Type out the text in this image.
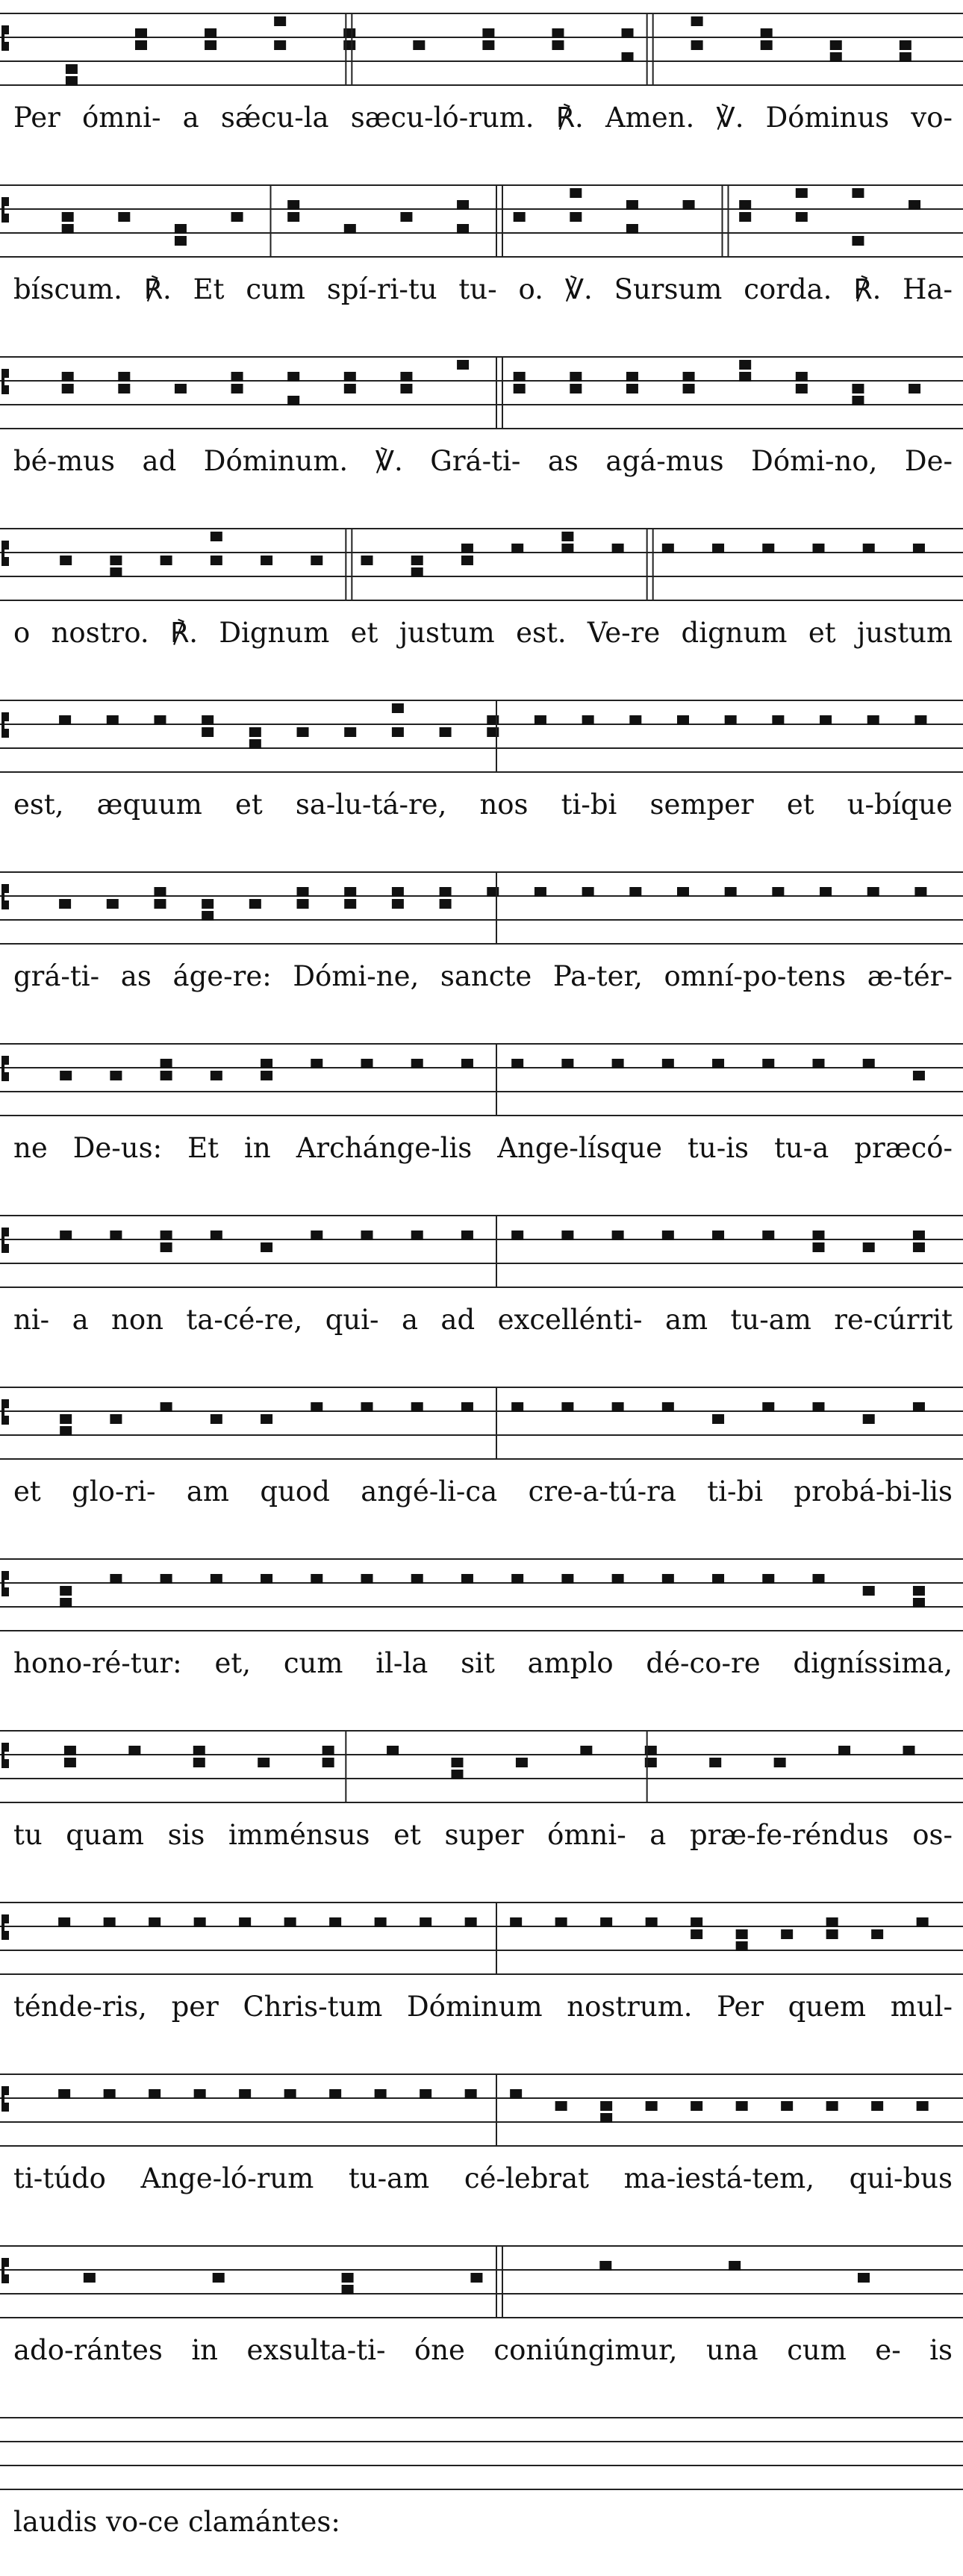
Per ómni- a sǽcu-la sæcu-ló-rum. ℟. Amen. ℣. Dóminus vo-
bíscum. ℟. Et cum spí-ri-tu tu- o. ℣. Sursum corda. ℟. Ha-
bé-mus ad Dóminum. ℣. Grá-ti- as agá-mus Dómi-no, De-
o nostro. ℟. Dignum et justum est. Ve-re dignum et justum
est, æquum et sa-lu-tá-re, nos ti-bi semper et u-bíque
grá-ti- as áge-re: Dómi-ne, sancte Pa-ter, omní-po-tens æ-tér-
ne De-us: Et in Archánge-lis Ange-lísque tu-is tu-a præcó-
ni- a non ta-cé-re, qui- a ad excellénti- am tu-am re-cúrrit
et glo-ri- am quod angé-li-ca cre-a-tú-ra ti-bi probá-bi-lis
hono-ré-tur: et, cum il-la sit amplo dé-co-re digníssima,
tu quam sis imménsus et super ómni- a præ-fe-réndus os-
ténde-ris, per Chris-tum Dóminum nostrum. Per quem mul-
ti-túdo Ange-ló-rum tu-am cé-lebrat ma-iestá-tem, qui-bus
ado-rántes in exsulta-ti- óne coniúngimur, una cum e- is
laudis vo-ce clamántes:
